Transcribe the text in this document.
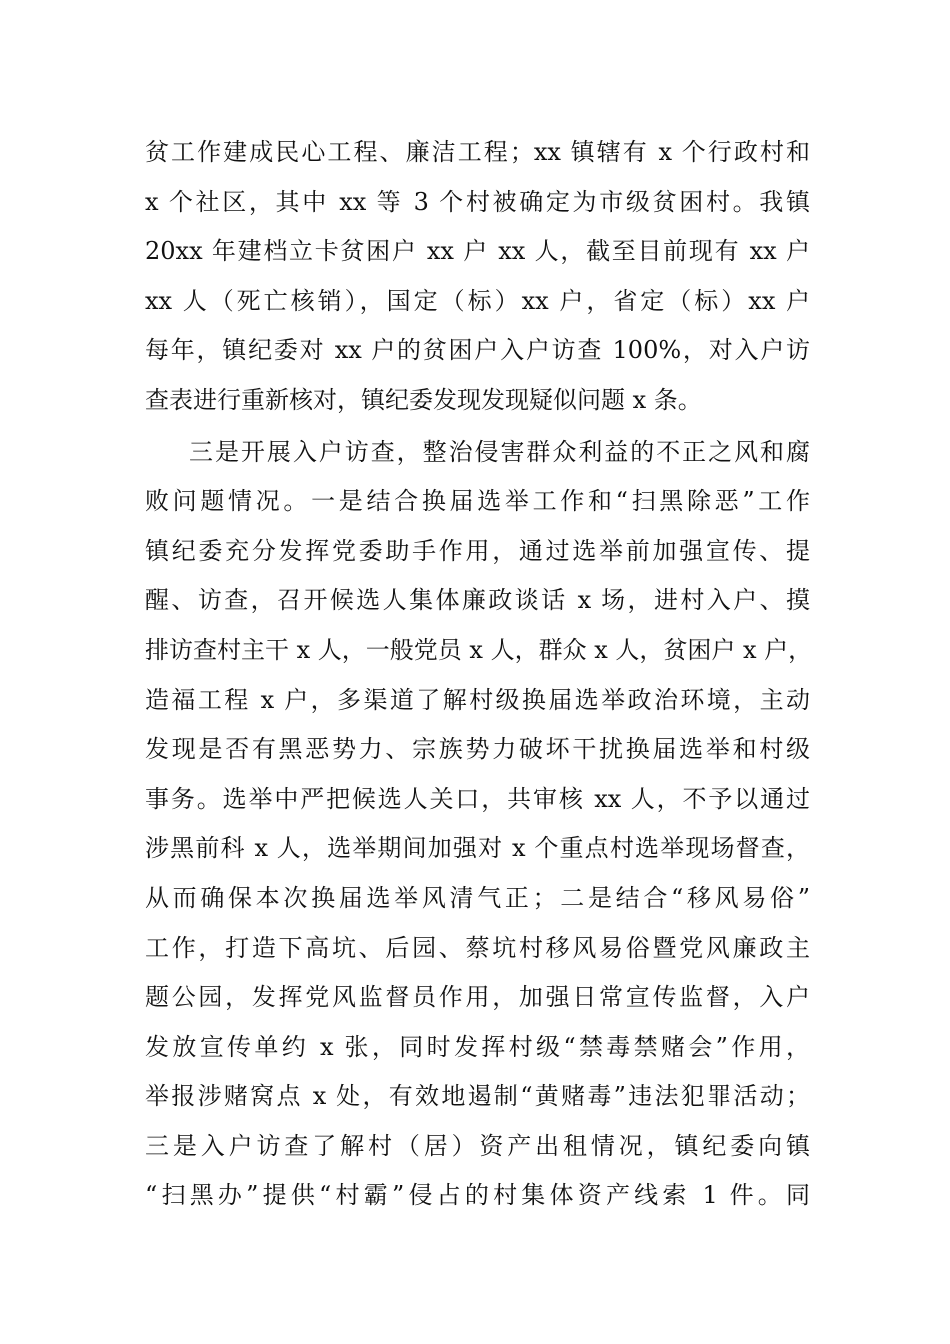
贫工作建成民心工程、廉洁工程；xx 镇辖有 x 个行政村和
x 个社区，其中 xx 等 3 个村被确定为市级贫困村。我镇
20xx 年建档立卡贫困户 xx 户 xx 人，截至目前现有 xx 户
xx 人（死亡核销），国定（标）xx 户，省定（标）xx 户
每年，镇纪委对 xx 户的贫困户入户访查 100%，对入户访
查表进行重新核对，镇纪委发现发现疑似问题 x 条。
三是开展入户访查，整治侵害群众利益的不正之风和腐
败问题情况。一是结合换届选举工作和“扫黑除恶”工作
镇纪委充分发挥党委助手作用，通过选举前加强宣传、提
醒、访查，召开候选人集体廉政谈话 x 场，进村入户、摸
排访查村主干 x 人，一般党员 x 人，群众 x 人，贫困户 x 户，
造福工程 x 户，多渠道了解村级换届选举政治环境，主动
发现是否有黑恶势力、宗族势力破坏干扰换届选举和村级
事务。选举中严把候选人关口，共审核 xx 人，不予以通过
涉黑前科 x 人，选举期间加强对 x 个重点村选举现场督查，
从而确保本次换届选举风清气正；二是结合“移风易俗”
工作，打造下高坑、后园、蔡坑村移风易俗暨党风廉政主
题公园，发挥党风监督员作用，加强日常宣传监督，入户
发放宣传单约 x 张，同时发挥村级“禁毒禁赌会”作用，
举报涉赌窝点 x 处，有效地遏制“黄赌毒”违法犯罪活动；
三是入户访查了解村（居）资产出租情况，镇纪委向镇
“扫黑办”提供“村霸”侵占的村集体资产线索 1 件。同
